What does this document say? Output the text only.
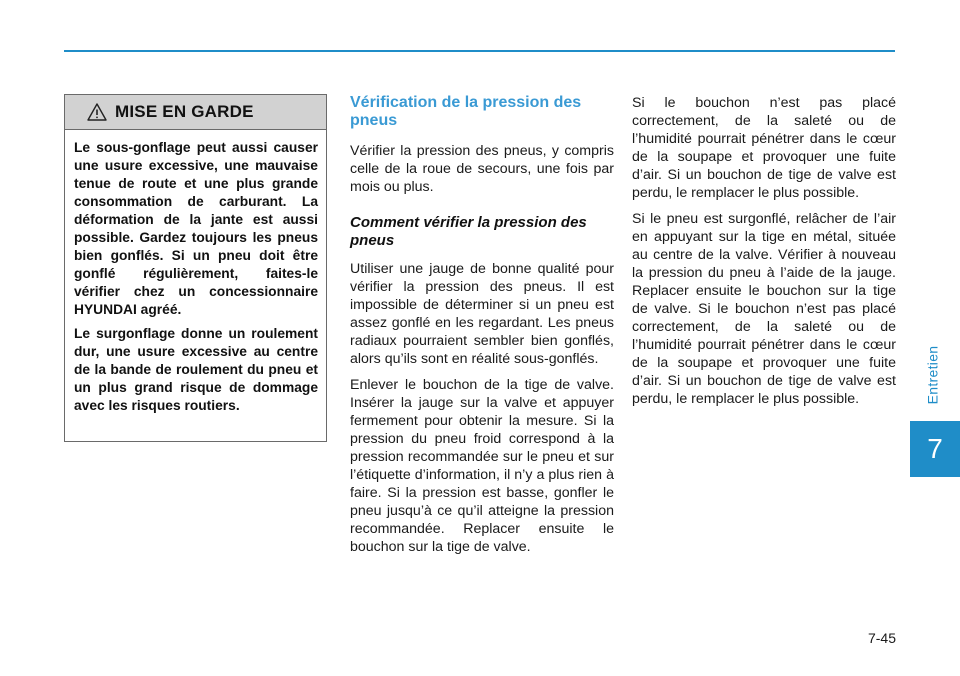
Entretien
7
MISE EN GARDE

Le sous-gonflage peut aussi causer une usure excessive, une mauvaise tenue de route et une plus grande consommation de carburant. La déformation de la jante est aussi possible. Gardez toujours les pneus bien gonflés. Si un pneu doit être gonflé régulièrement, faites-le vérifier chez un concessionnaire HYUNDAI agréé.

Le surgonflage donne un roulement dur, une usure excessive au centre de la bande de roulement du pneu et un plus grand risque de dommage avec les risques routiers.

Vérification de la pression des pneus

Vérifier la pression des pneus, y compris celle de la roue de secours, une fois par mois ou plus.

Comment vérifier la pression des pneus

Utiliser une jauge de bonne qualité pour vérifier la pression des pneus. Il est impossible de déterminer si un pneu est assez gonflé en les regardant. Les pneus radiaux pourraient sembler bien gonflés, alors qu’ils sont en réalité sous-gonflés.

Enlever le bouchon de la tige de valve. Insérer la jauge sur la valve et appuyer fermement pour obtenir la mesure. Si la pression du pneu froid correspond à la pression recommandée sur le pneu et sur l’étiquette d’information, il n’y a plus rien à faire. Si la pression est basse, gonfler le pneu jusqu’à ce qu’il atteigne la pression recommandée. Replacer ensuite le bouchon sur la tige de valve.

Si le bouchon n’est pas placé correctement, de la saleté ou de l’humidité pourrait pénétrer dans le cœur de la soupape et provoquer une fuite d’air. Si un bouchon de tige de valve est perdu, le remplacer le plus possible.

Si le pneu est surgonflé, relâcher de l’air en appuyant sur la tige en métal, située au centre de la valve. Vérifier à nouveau la pression du pneu à l’aide de la jauge. Replacer ensuite le bouchon sur la tige de valve. Si le bouchon n’est pas placé correctement, de la saleté ou de l’humidité pourrait pénétrer dans le cœur de la soupape et provoquer une fuite d’air. Si un bouchon de tige de valve est perdu, le remplacer le plus possible.

7-45
